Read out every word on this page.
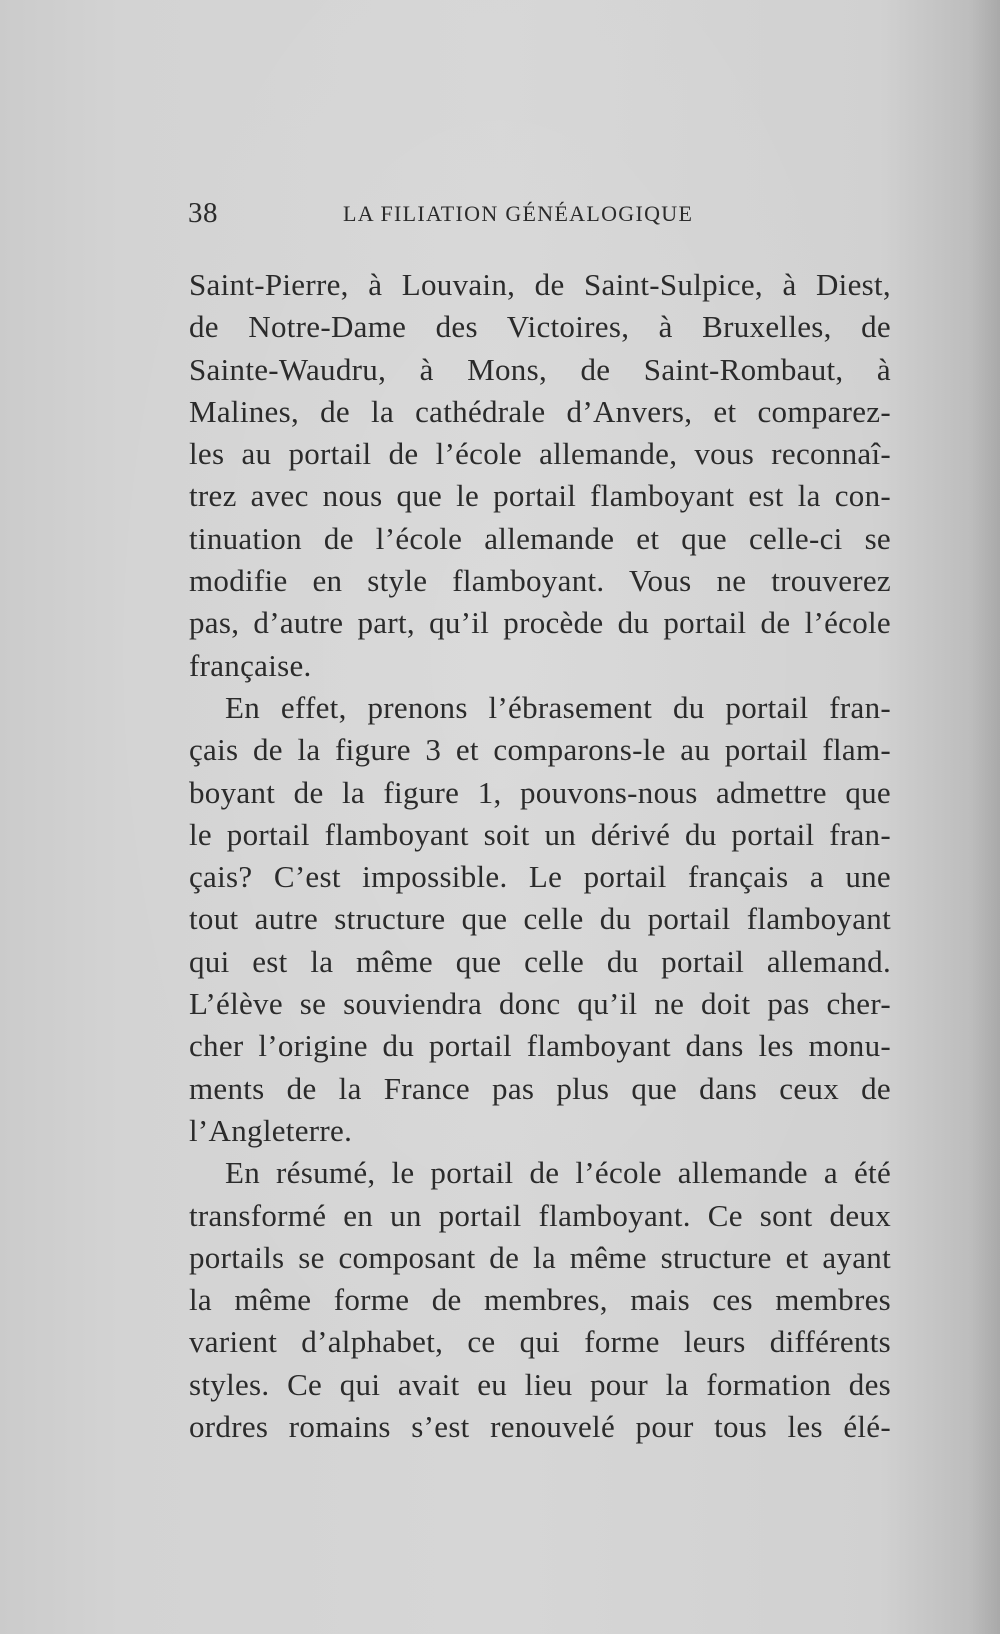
38	LA FILIATION GÉNÉALOGIQUE
Saint-Pierre, à Louvain, de Saint-Sulpice, à Diest,
de Notre-Dame des Victoires, à Bruxelles, de
Sainte-Waudru, à Mons, de Saint-Rombaut, à
Malines, de la cathédrale d’Anvers, et comparez-
les au portail de l’école allemande, vous reconnaî-
trez avec nous que le portail flamboyant est la con-
tinuation de l’école allemande et que celle-ci se
modifie en style flamboyant. Vous ne trouverez
pas, d’autre part, qu’il procède du portail de l’école
française.
En effet, prenons l’ébrasement du portail fran-
çais de la figure 3 et comparons-le au portail flam-
boyant de la figure 1, pouvons-nous admettre que
le portail flamboyant soit un dérivé du portail fran-
çais? C’est impossible. Le portail français a une
tout autre structure que celle du portail flamboyant
qui est la même que celle du portail allemand.
L’élève se souviendra donc qu’il ne doit pas cher-
cher l’origine du portail flamboyant dans les monu-
ments de la France pas plus que dans ceux de
l’Angleterre.
En résumé, le portail de l’école allemande a été
transformé en un portail flamboyant. Ce sont deux
portails se composant de la même structure et ayant
la même forme de membres, mais ces membres
varient d’alphabet, ce qui forme leurs différents
styles. Ce qui avait eu lieu pour la formation des
ordres romains s’est renouvelé pour tous les élé-
